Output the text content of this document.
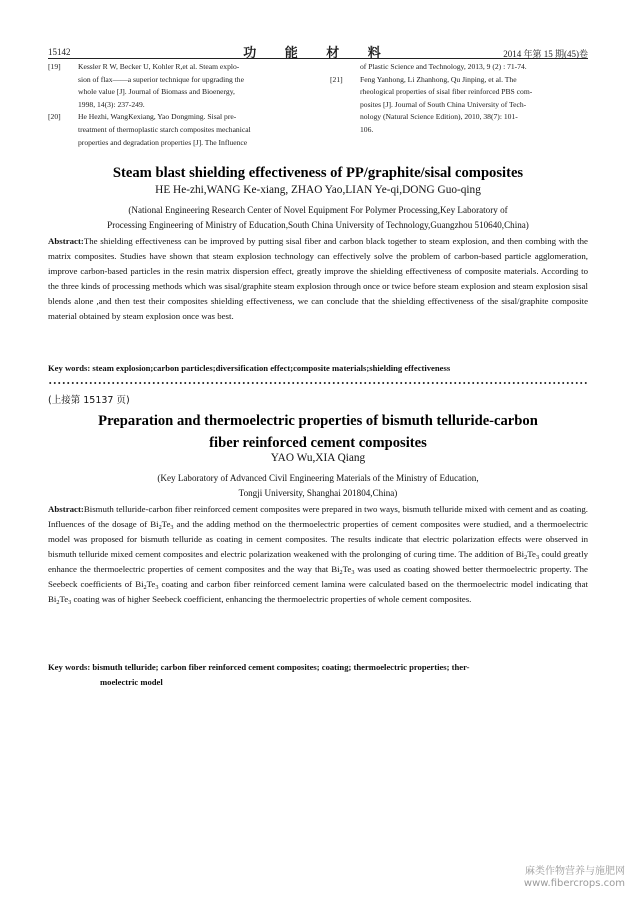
15142	功 能 材 料	2014 年第 15 期(45)卷
[19] Kessler R W, Becker U, Kohler R,et al. Steam explo-
sion of flax——a superior technique for upgrading the
whole value [J]. Journal of Biomass and Bioenergy,
1998, 14(3): 237-249.
[20] He Hezhi, WangKexiang, Yao Dongming. Sisal pre-
treatment of thermoplastic starch composites mechanical
properties and degradation properties [J]. The Influence
of Plastic Science and Technology, 2013, 9 (2) : 71-74.
[21] Feng Yanhong, Li Zhanhong, Qu Jinping, et al. The
rheological properties of sisal fiber reinforced PBS com-
posites [J]. Journal of South China University of Tech-
nology (Natural Science Edition), 2010, 38(7): 101-
106.
Steam blast shielding effectiveness of PP/graphite/sisal composites
HE He-zhi,WANG Ke-xiang, ZHAO Yao,LIAN Ye-qi,DONG Guo-qing
(National Engineering Research Center of Novel Equipment For Polymer Processing,Key Laboratory of
Processing Engineering of Ministry of Education,South China University of Technology,Guangzhou 510640,China)
Abstract:The shielding effectiveness can be improved by putting sisal fiber and carbon black together to steam explosion, and then combing with the matrix composites. Studies have shown that steam explosion technology can effectively solve the problem of carbon-based particle agglomeration, improve carbon-based particles in the resin matrix dispersion effect, greatly improve the shielding effectiveness of composite materials. According to the three kinds of processing methods which was sisal/graphite steam explosion through once or twice before steam explosion and steam explosion sisal blends alone ,and then test their composites shielding effectiveness, we can conclude that the shielding effectiveness of the sisal/graphite composite material obtained by steam explosion once was best.
Key words: steam explosion;carbon particles;diversification effect;composite materials;shielding effectiveness
(上接第 15137 页)
Preparation and thermoelectric properties of bismuth telluride-carbon
fiber reinforced cement composites
YAO Wu,XIA Qiang
(Key Laboratory of Advanced Civil Engineering Materials of the Ministry of Education,
Tongji University, Shanghai 201804,China)
Abstract:Bismuth telluride-carbon fiber reinforced cement composites were prepared in two ways, bismuth telluride mixed with cement and as coating. Influences of the dosage of $Bi_2Te_3$ and the adding method on the thermoelectric properties of cement composites were studied, and a thermoelectric model was proposed for bismuth telluride as coating in cement composites. The results indicate that electric polarization effects were observed in bismuth telluride mixed cement composites and electric polarization weakened with the prolonging of curing time. The addition of $Bi_2Te_3$ could greatly enhance the thermoelectric properties of cement composites and the way that $Bi_2Te_3$ was used as coating showed better thermoelectric property. The Seebeck coefficients of $Bi_2Te_3$ coating and carbon fiber reinforced cement lamina were calculated based on the thermoelectric model indicating that $Bi_2Te_3$ coating was of higher Seebeck coefficient, enhancing the thermoelectric properties of whole cement composites.
Key words: bismuth telluride; carbon fiber reinforced cement composites; coating; thermoelectric properties; ther-
moelectric model
麻类作物营养与施肥网
www.fibercrops.com
